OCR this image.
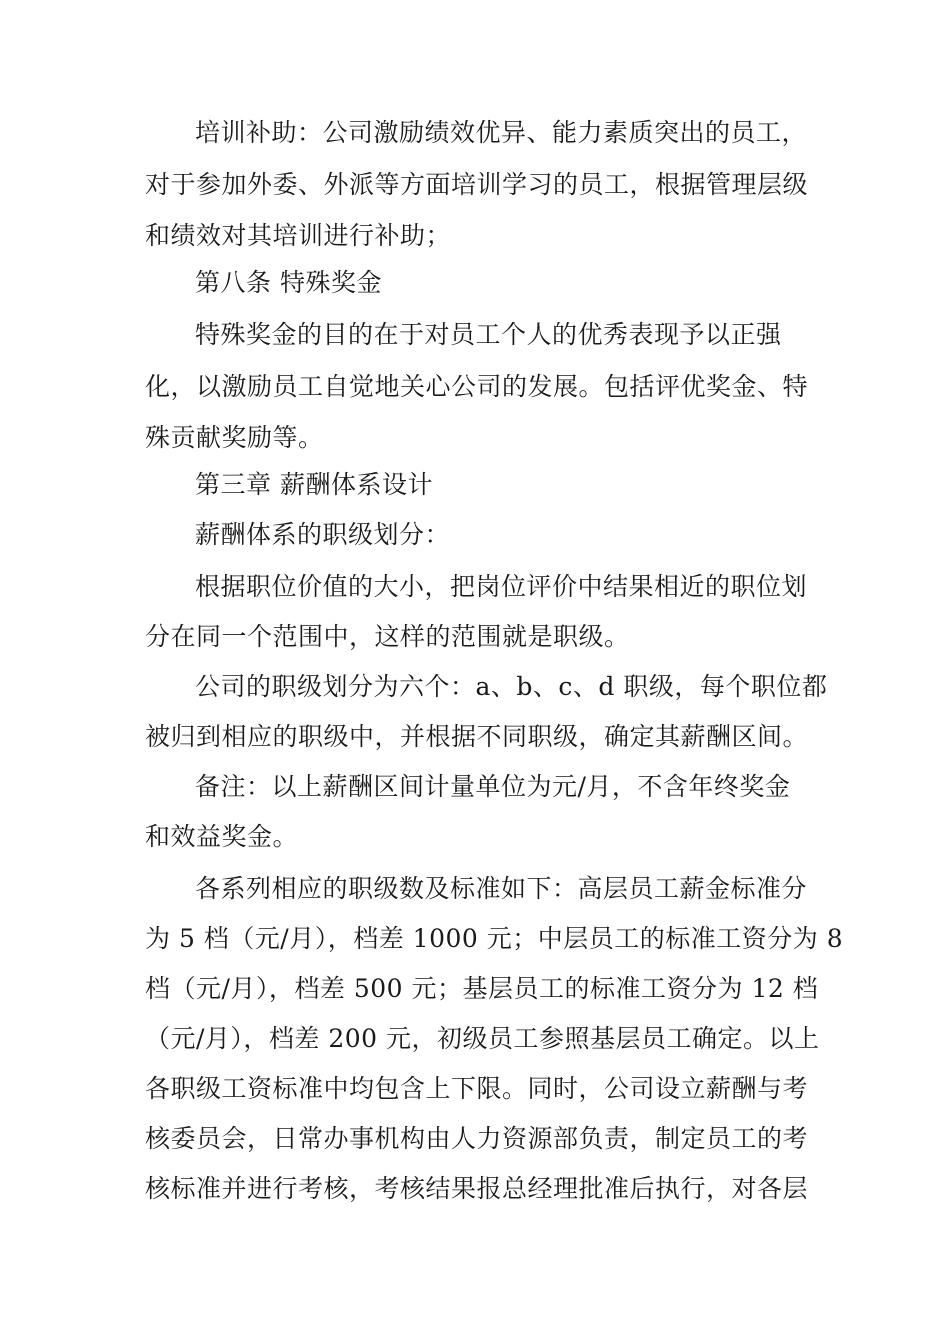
培训补助：公司激励绩效优异、能力素质突出的员工，
对于参加外委、外派等方面培训学习的员工，根据管理层级
和绩效对其培训进行补助；
第八条 特殊奖金
特殊奖金的目的在于对员工个人的优秀表现予以正强
化，以激励员工自觉地关心公司的发展。包括评优奖金、特
殊贡献奖励等。
第三章 薪酬体系设计
薪酬体系的职级划分：
根据职位价值的大小，把岗位评价中结果相近的职位划
分在同一个范围中，这样的范围就是职级。
公司的职级划分为六个：a、b、c、d 职级，每个职位都
被归到相应的职级中，并根据不同职级，确定其薪酬区间。
备注：以上薪酬区间计量单位为元/月，不含年终奖金
和效益奖金。
各系列相应的职级数及标准如下：高层员工薪金标准分
为 5 档（元/月），档差 1000 元；中层员工的标准工资分为 8
档（元/月），档差 500 元；基层员工的标准工资分为 12 档
（元/月），档差 200 元，初级员工参照基层员工确定。以上
各职级工资标准中均包含上下限。同时，公司设立薪酬与考
核委员会，日常办事机构由人力资源部负责，制定员工的考
核标准并进行考核，考核结果报总经理批准后执行，对各层
